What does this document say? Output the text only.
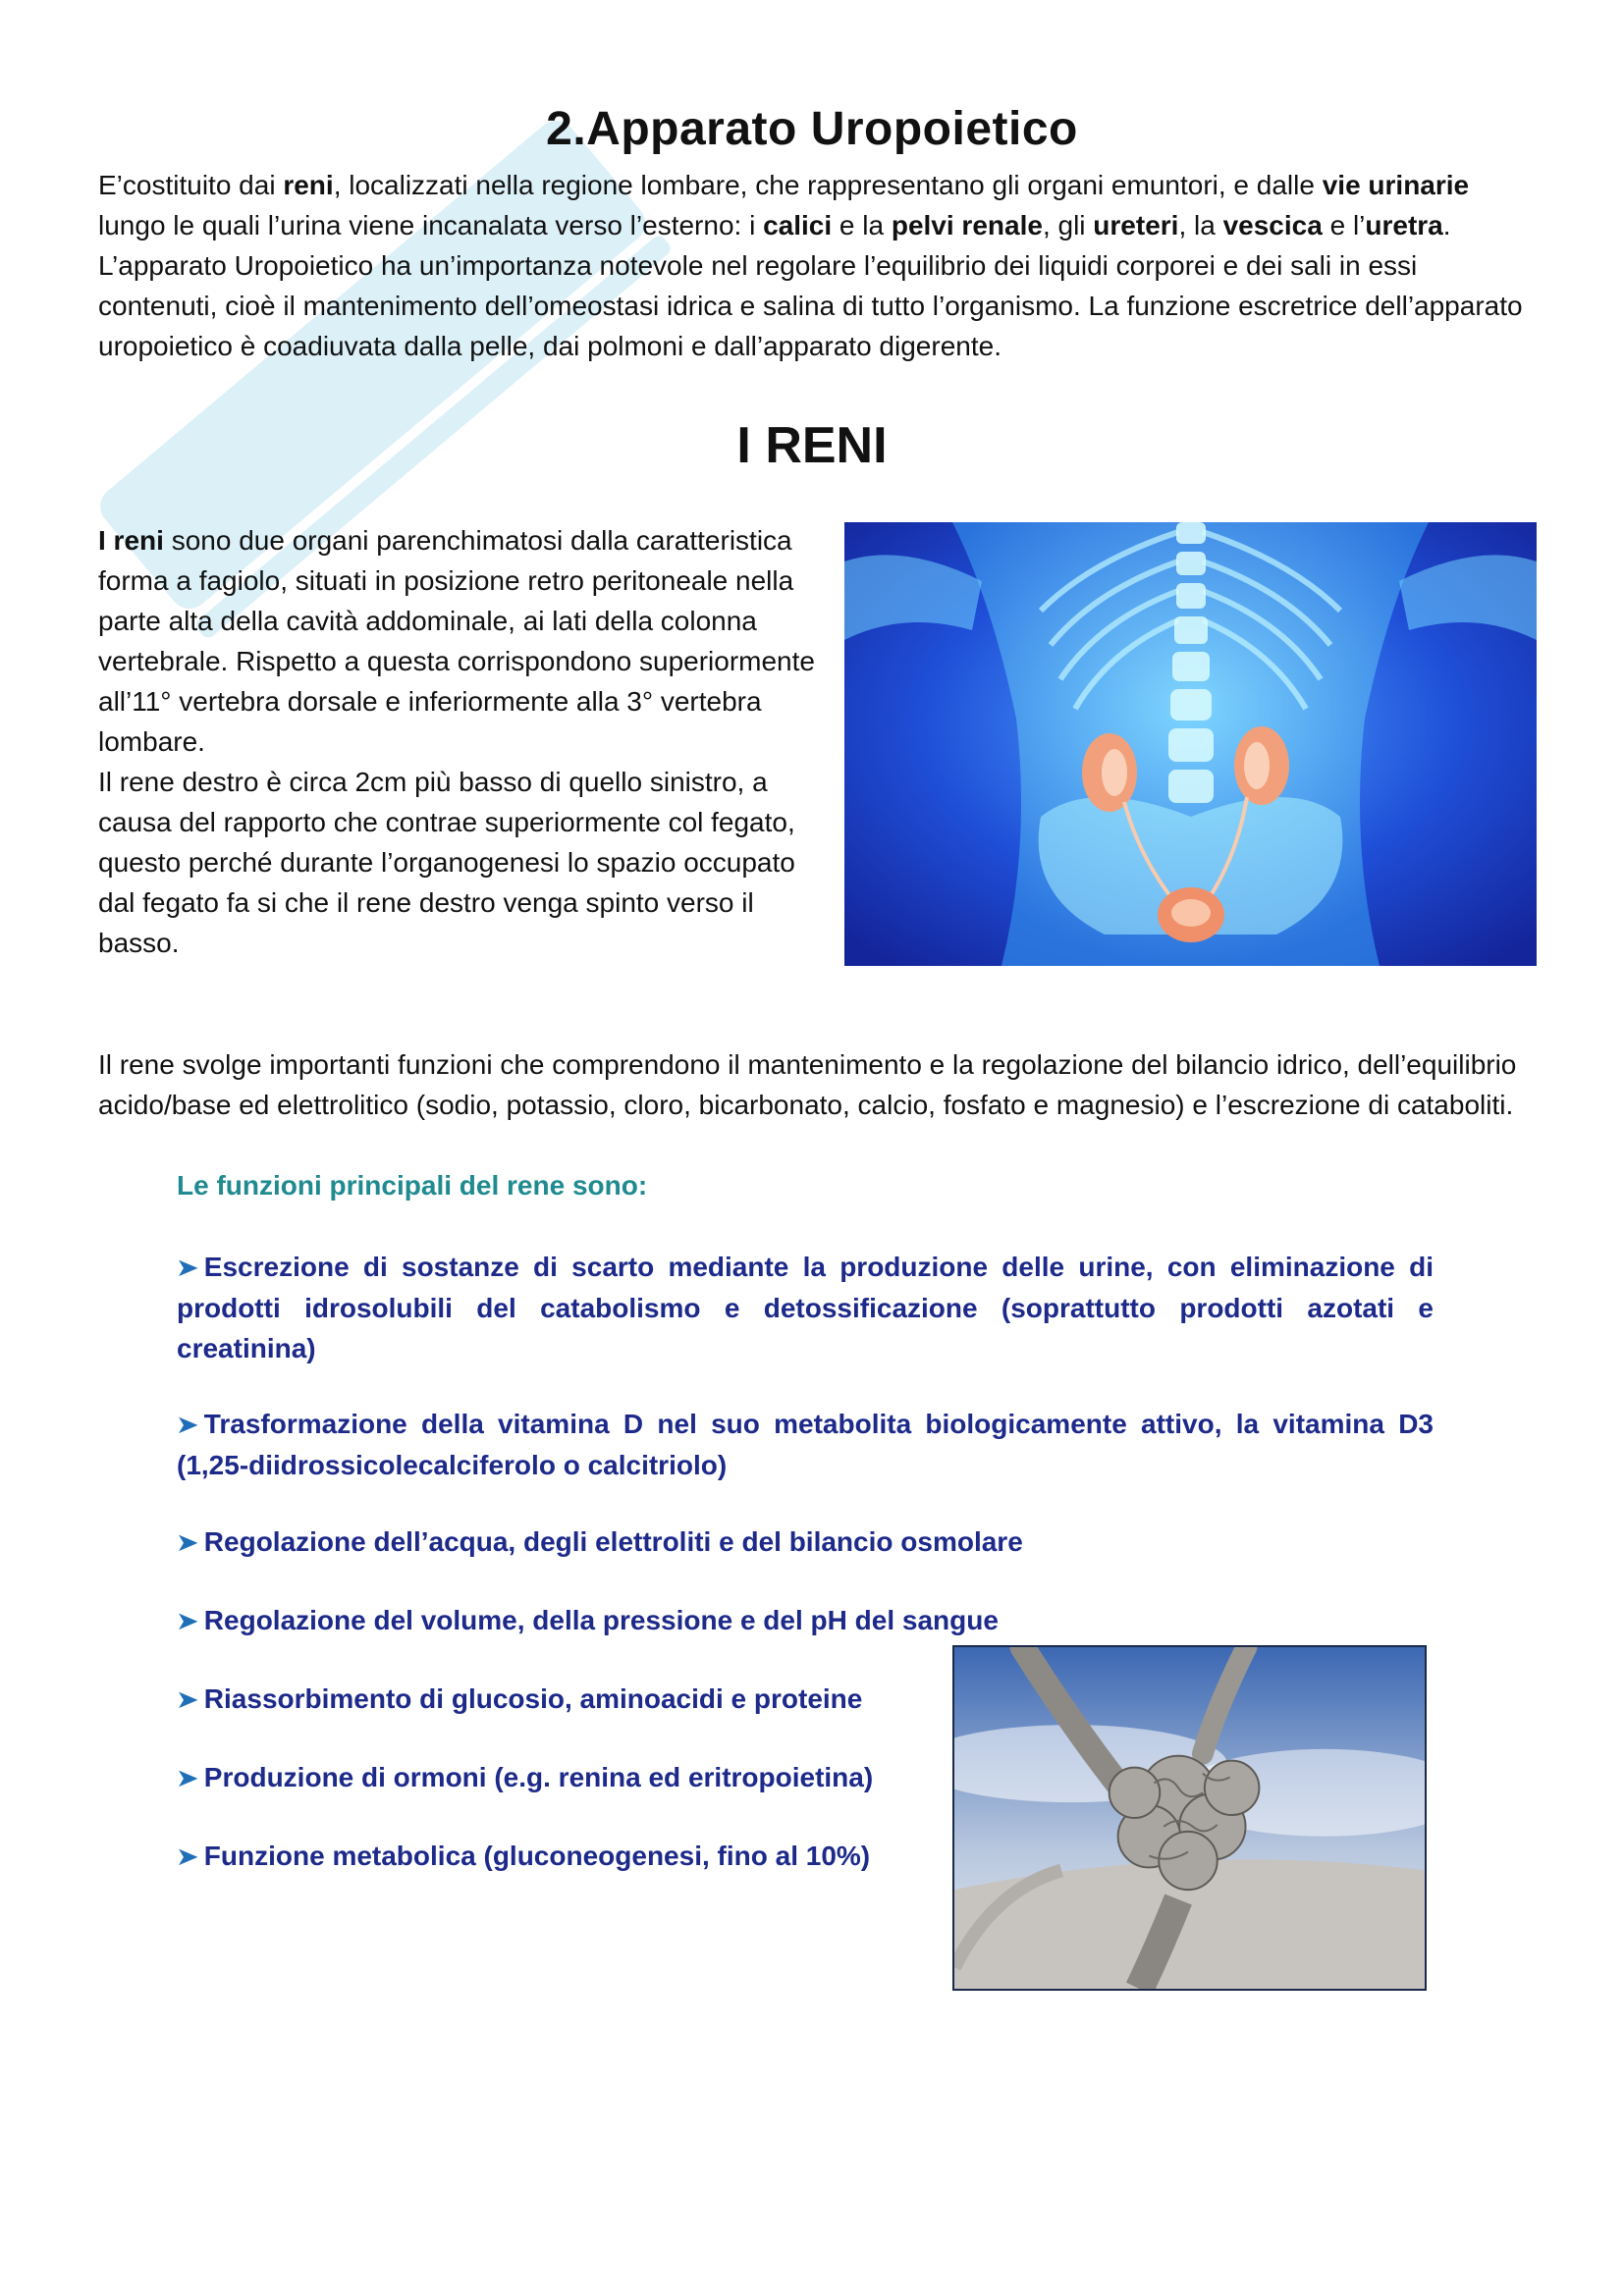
2.Apparato Uropoietico

E’costituito dai reni, localizzati nella regione lombare, che rappresentano gli organi emuntori, e dalle vie urinarie lungo le quali l’urina viene incanalata verso l’esterno: i calici e la pelvi renale, gli ureteri, la vescica e l’uretra. L’apparato Uropoietico ha un’importanza notevole nel regolare l’equilibrio dei liquidi corporei e dei sali in essi contenuti, cioè il mantenimento dell’omeostasi idrica e salina di tutto l’organismo. La funzione escretrice dell’apparato uropoietico è coadiuvata dalla pelle, dai polmoni e dall’apparato digerente.

I RENI

I reni sono due organi parenchimatosi dalla caratteristica forma a fagiolo, situati in posizione retro peritoneale nella parte alta della cavità addominale, ai lati della colonna vertebrale. Rispetto a questa corrispondono superiormente all’11° vertebra dorsale e inferiormente alla 3° vertebra lombare.
Il rene destro è circa 2cm più basso di quello sinistro, a causa del rapporto che contrae superiormente col fegato, questo perché durante l’organogenesi lo spazio occupato dal fegato fa si che il rene destro venga spinto verso il basso.

Il rene svolge importanti funzioni che comprendono il mantenimento e la regolazione del bilancio idrico, dell’equilibrio acido/base ed elettrolitico (sodio, potassio, cloro, bicarbonato, calcio, fosfato e magnesio) e l’escrezione di cataboliti.

Le funzioni principali del rene sono:
➤ Escrezione di sostanze di scarto mediante la produzione delle urine, con eliminazione di prodotti idrosolubili del catabolismo e detossificazione (soprattutto prodotti azotati e creatinina)
➤ Trasformazione della vitamina D nel suo metabolita biologicamente attivo, la vitamina D3 (1,25-diidrossicolecalciferolo o calcitriolo)
➤ Regolazione dell’acqua, degli elettroliti e del bilancio osmolare
➤ Regolazione del volume, della pressione e del pH del sangue
➤ Riassorbimento di glucosio, aminoacidi e proteine
➤ Produzione di ormoni (e.g. renina ed eritropoietina)
➤ Funzione metabolica (gluconeogenesi, fino al 10%)
